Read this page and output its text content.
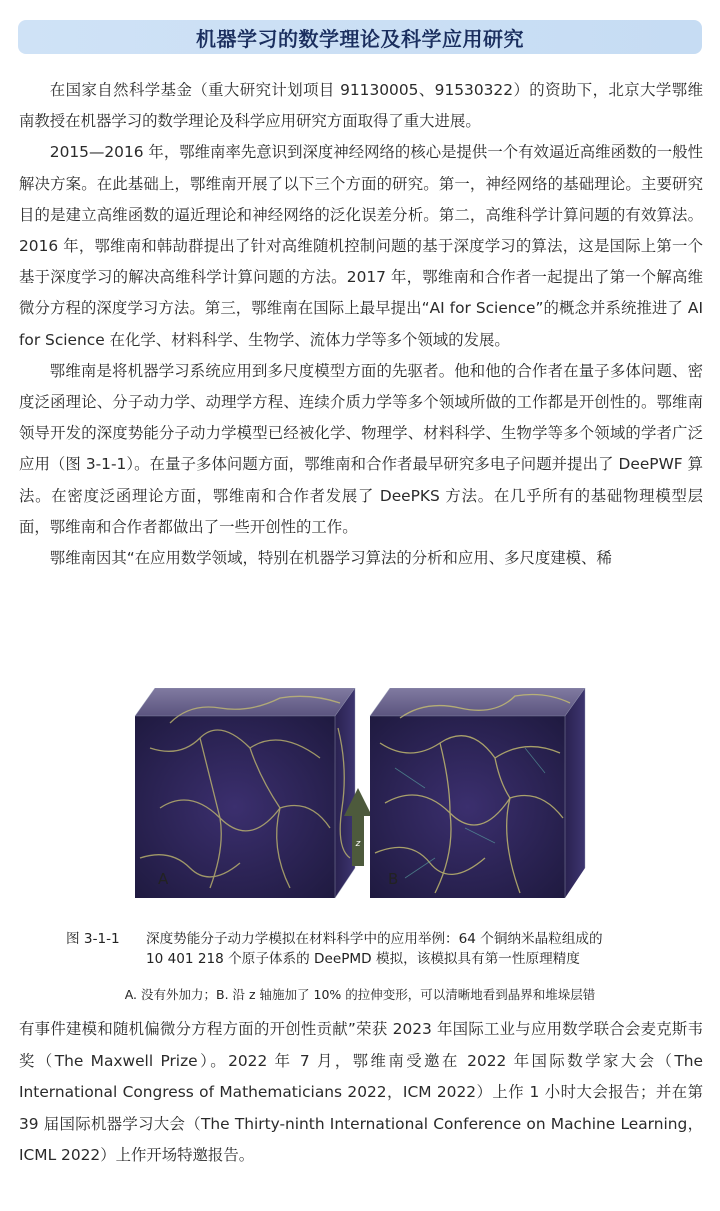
机器学习的数学理论及科学应用研究

在国家自然科学基金（重大研究计划项目 91130005、91530322）的资助下，北京大学鄂维南教授在机器学习的数学理论及科学应用研究方面取得了重大进展。

2015—2016 年，鄂维南率先意识到深度神经网络的核心是提供一个有效逼近高维函数的一般性解决方案。在此基础上，鄂维南开展了以下三个方面的研究。第一，神经网络的基础理论。主要研究目的是建立高维函数的逼近理论和神经网络的泛化误差分析。第二，高维科学计算问题的有效算法。2016 年，鄂维南和韩劼群提出了针对高维随机控制问题的基于深度学习的算法，这是国际上第一个基于深度学习的解决高维科学计算问题的方法。2017 年，鄂维南和合作者一起提出了第一个解高维微分方程的深度学习方法。第三，鄂维南在国际上最早提出“AI for Science”的概念并系统推进了 AI for Science 在化学、材料科学、生物学、流体力学等多个领域的发展。

鄂维南是将机器学习系统应用到多尺度模型方面的先驱者。他和他的合作者在量子多体问题、密度泛函理论、分子动力学、动理学方程、连续介质力学等多个领域所做的工作都是开创性的。鄂维南领导开发的深度势能分子动力学模型已经被化学、物理学、材料科学、生物学等多个领域的学者广泛应用（图 3-1-1）。在量子多体问题方面，鄂维南和合作者最早研究多电子问题并提出了 DeePWF 算法。在密度泛函理论方面，鄂维南和合作者发展了 DeePKS 方法。在几乎所有的基础物理模型层面，鄂维南和合作者都做出了一些开创性的工作。

鄂维南因其“在应用数学领域，特别在机器学习算法的分析和应用、多尺度建模、稀

z
A	B
图 3-1-1 深度势能分子动力学模拟在材料科学中的应用举例：64 个铜纳米晶粒组成的
10 401 218 个原子体系的 DeePMD 模拟，该模拟具有第一性原理精度
A. 没有外加力；B. 沿 z 轴施加了 10% 的拉伸变形，可以清晰地看到晶界和堆垛层错

有事件建模和随机偏微分方程方面的开创性贡献”荣获 2023 年国际工业与应用数学联合会麦克斯韦奖（The Maxwell Prize）。2022 年 7 月，鄂维南受邀在 2022 年国际数学家大会（The International Congress of Mathematicians 2022，ICM 2022）上作 1 小时大会报告；并在第 39 届国际机器学习大会（The Thirty-ninth International Conference on Machine Learning，ICML 2022）上作开场特邀报告。
